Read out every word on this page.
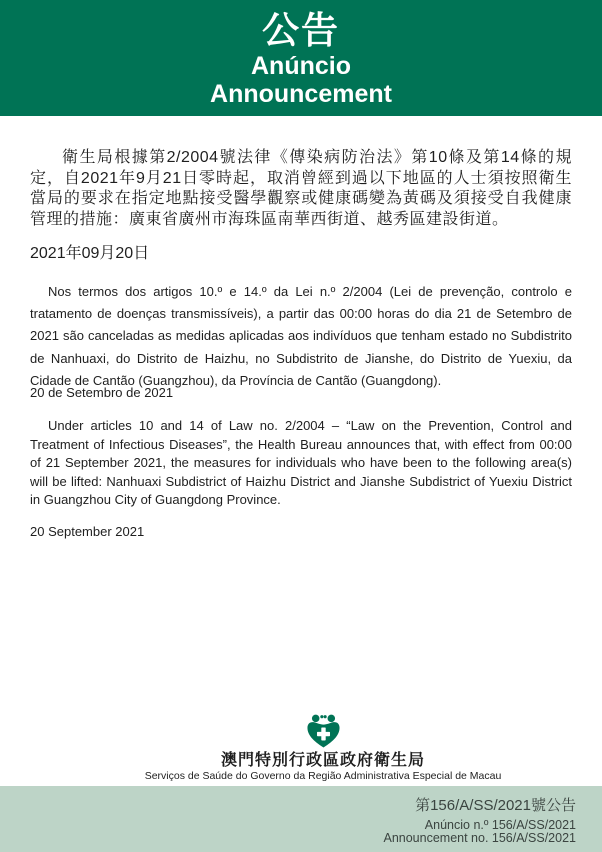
公告
Anúncio
Announcement

衛生局根據第2/2004號法律《傳染病防治法》第10條及第14條的規定，自2021年9月21日零時起，取消曾經到過以下地區的人士須按照衛生當局的要求在指定地點接受醫學觀察或健康碼變為黃碼及須接受自我健康管理的措施：廣東省廣州市海珠區南華西街道、越秀區建設街道。

2021年09月20日

Nos termos dos artigos 10.º e 14.º da Lei n.º 2/2004 (Lei de prevenção, controlo e tratamento de doenças transmissíveis), a partir das 00:00 horas do dia 21 de Setembro de 2021 são canceladas as medidas aplicadas aos indivíduos que tenham estado no Subdistrito de Nanhuaxi, do Distrito de Haizhu, no Subdistrito de Jianshe, do Distrito de Yuexiu, da Cidade de Cantão (Guangzhou), da Província de Cantão (Guangdong).

20 de Setembro de 2021

Under articles 10 and 14 of Law no. 2/2004 – “Law on the Prevention, Control and Treatment of Infectious Diseases”, the Health Bureau announces that, with effect from 00:00 of 21 September 2021, the measures for individuals who have been to the following area(s) will be lifted: Nanhuaxi Subdistrict of Haizhu District and Jianshe Subdistrict of Yuexiu District in Guangzhou City of Guangdong Province.

20 September 2021

澳門特別行政區政府衛生局
Serviços de Saúde do Governo da Região Administrativa Especial de Macau

第156/A/SS/2021號公告

Anúncio n.º 156/A/SS/2021

Announcement no. 156/A/SS/2021
